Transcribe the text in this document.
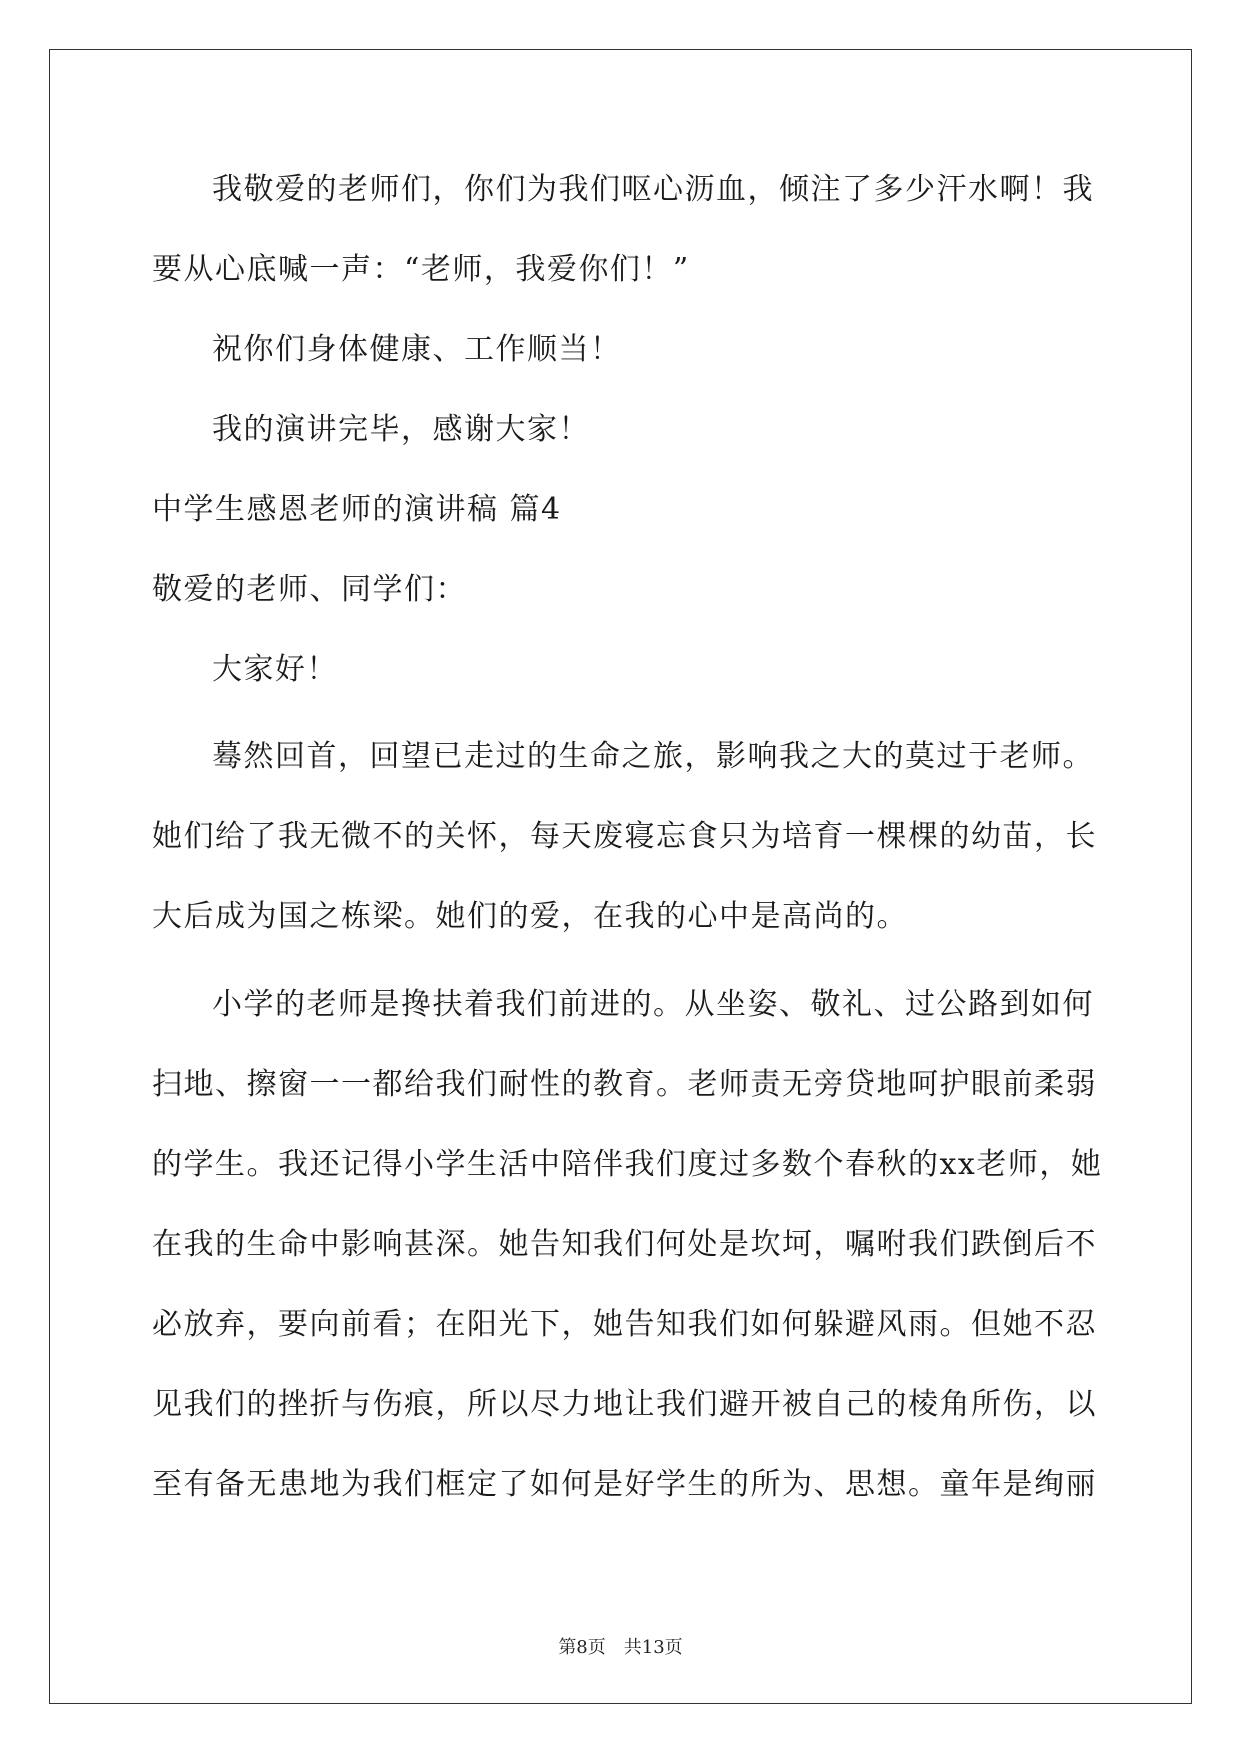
我敬爱的老师们，你们为我们呕心沥血，倾注了多少汗水啊！我
要从心底喊一声：“老师，我爱你们！”
祝你们身体健康、工作顺当！
我的演讲完毕，感谢大家！
中学生感恩老师的演讲稿 篇4
敬爱的老师、同学们：
大家好！
蓦然回首，回望已走过的生命之旅，影响我之大的莫过于老师。
她们给了我无微不的关怀，每天废寝忘食只为培育一棵棵的幼苗，长
大后成为国之栋梁。她们的爱，在我的心中是高尚的。
小学的老师是搀扶着我们前进的。从坐姿、敬礼、过公路到如何
扫地、擦窗一一都给我们耐性的教育。老师责无旁贷地呵护眼前柔弱
的学生。我还记得小学生活中陪伴我们度过多数个春秋的xx老师，她
在我的生命中影响甚深。她告知我们何处是坎坷，嘱咐我们跌倒后不
必放弃，要向前看；在阳光下，她告知我们如何躲避风雨。但她不忍
见我们的挫折与伤痕，所以尽力地让我们避开被自己的棱角所伤，以
至有备无患地为我们框定了如何是好学生的所为、思想。童年是绚丽
第8页 共13页
